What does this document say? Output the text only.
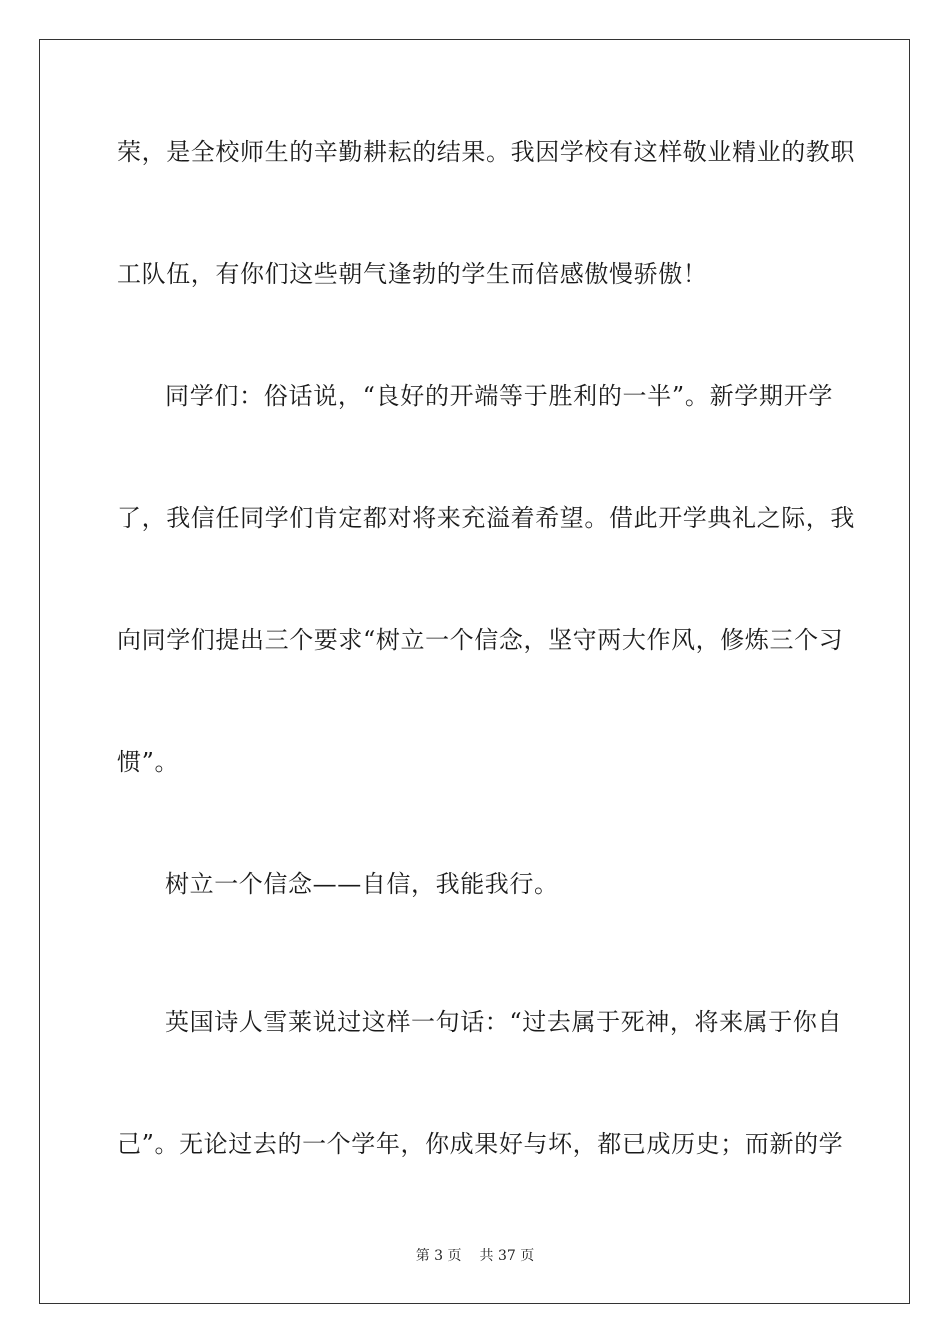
荣，是全校师生的辛勤耕耘的结果。我因学校有这样敬业精业的教职
工队伍，有你们这些朝气逢勃的学生而倍感傲慢骄傲！
同学们：俗话说，“良好的开端等于胜利的一半”。新学期开学
了，我信任同学们肯定都对将来充溢着希望。借此开学典礼之际，我
向同学们提出三个要求“树立一个信念，坚守两大作风，修炼三个习
惯”。
树立一个信念——自信，我能我行。
英国诗人雪莱说过这样一句话：“过去属于死神，将来属于你自
己”。无论过去的一个学年，你成果好与坏，都已成历史；而新的学
第 3 页 共 37 页
